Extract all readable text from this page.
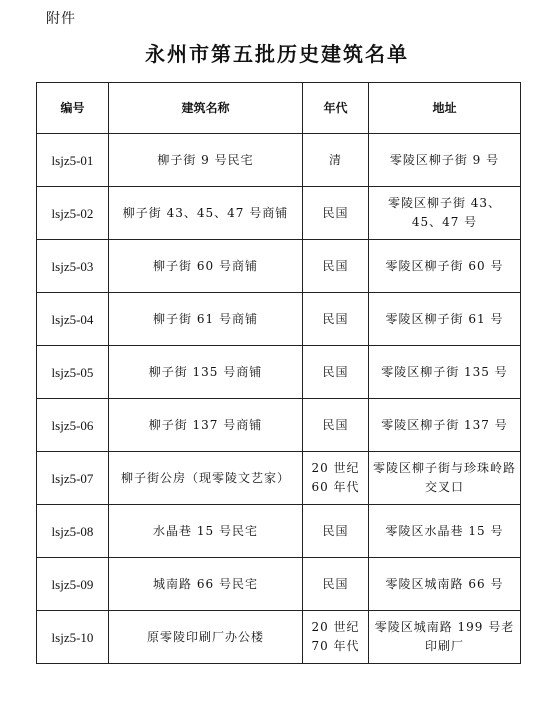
附件
永州市第五批历史建筑名单
编号	建筑名称	年代	地址
lsjz5-01	柳子街 9 号民宅	清	零陵区柳子街 9 号
lsjz5-02	柳子街 43、45、47 号商铺	民国	零陵区柳子街 43、45、47 号
lsjz5-03	柳子街 60 号商铺	民国	零陵区柳子街 60 号
lsjz5-04	柳子街 61 号商铺	民国	零陵区柳子街 61 号
lsjz5-05	柳子街 135 号商铺	民国	零陵区柳子街 135 号
lsjz5-06	柳子街 137 号商铺	民国	零陵区柳子街 137 号
lsjz5-07	柳子街公房（现零陵文艺家）	20 世纪 60 年代	零陵区柳子街与珍珠岭路交叉口
lsjz5-08	水晶巷 15 号民宅	民国	零陵区水晶巷 15 号
lsjz5-09	城南路 66 号民宅	民国	零陵区城南路 66 号
lsjz5-10	原零陵印刷厂办公楼	20 世纪 70 年代	零陵区城南路 199 号老印刷厂
